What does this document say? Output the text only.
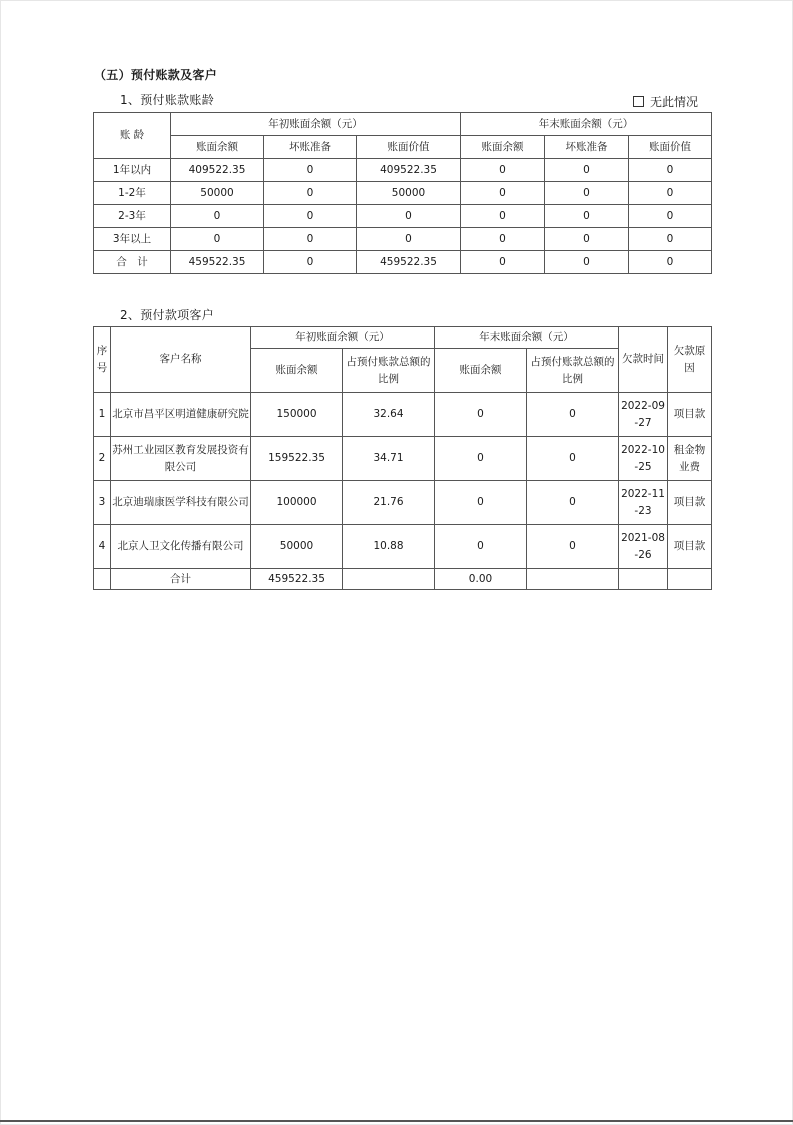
（五）预付账款及客户
1、预付账款账龄	无此情况
账 龄	年初账面余额（元）			年末账面余额（元）		
	账面余额	坏账准备	账面价值	账面余额	坏账准备	账面价值
1年以内	409522.35	0	409522.35	0	0	0
1-2年	50000	0	50000	0	0	0
2-3年	0	0	0	0	0	0
3年以上	0	0	0	0	0	0
合　计	459522.35	0	459522.35	0	0	0
2、预付款项客户
序号	客户名称	年初账面余额（元）		年末账面余额（元）		欠款时间	欠款原因
		账面余额	占预付账款总额的比例	账面余额	占预付账款总额的比例		
1	北京市昌平区明道健康研究院	150000	32.64	0	0	2022-09-27	项目款
2	苏州工业园区教育发展投资有限公司	159522.35	34.71	0	0	2022-10-25	租金物业费
3	北京迪瑞康医学科技有限公司	100000	21.76	0	0	2022-11-23	项目款
4	北京人卫文化传播有限公司	50000	10.88	0	0	2021-08-26	项目款
	合计	459522.35		0.00			
